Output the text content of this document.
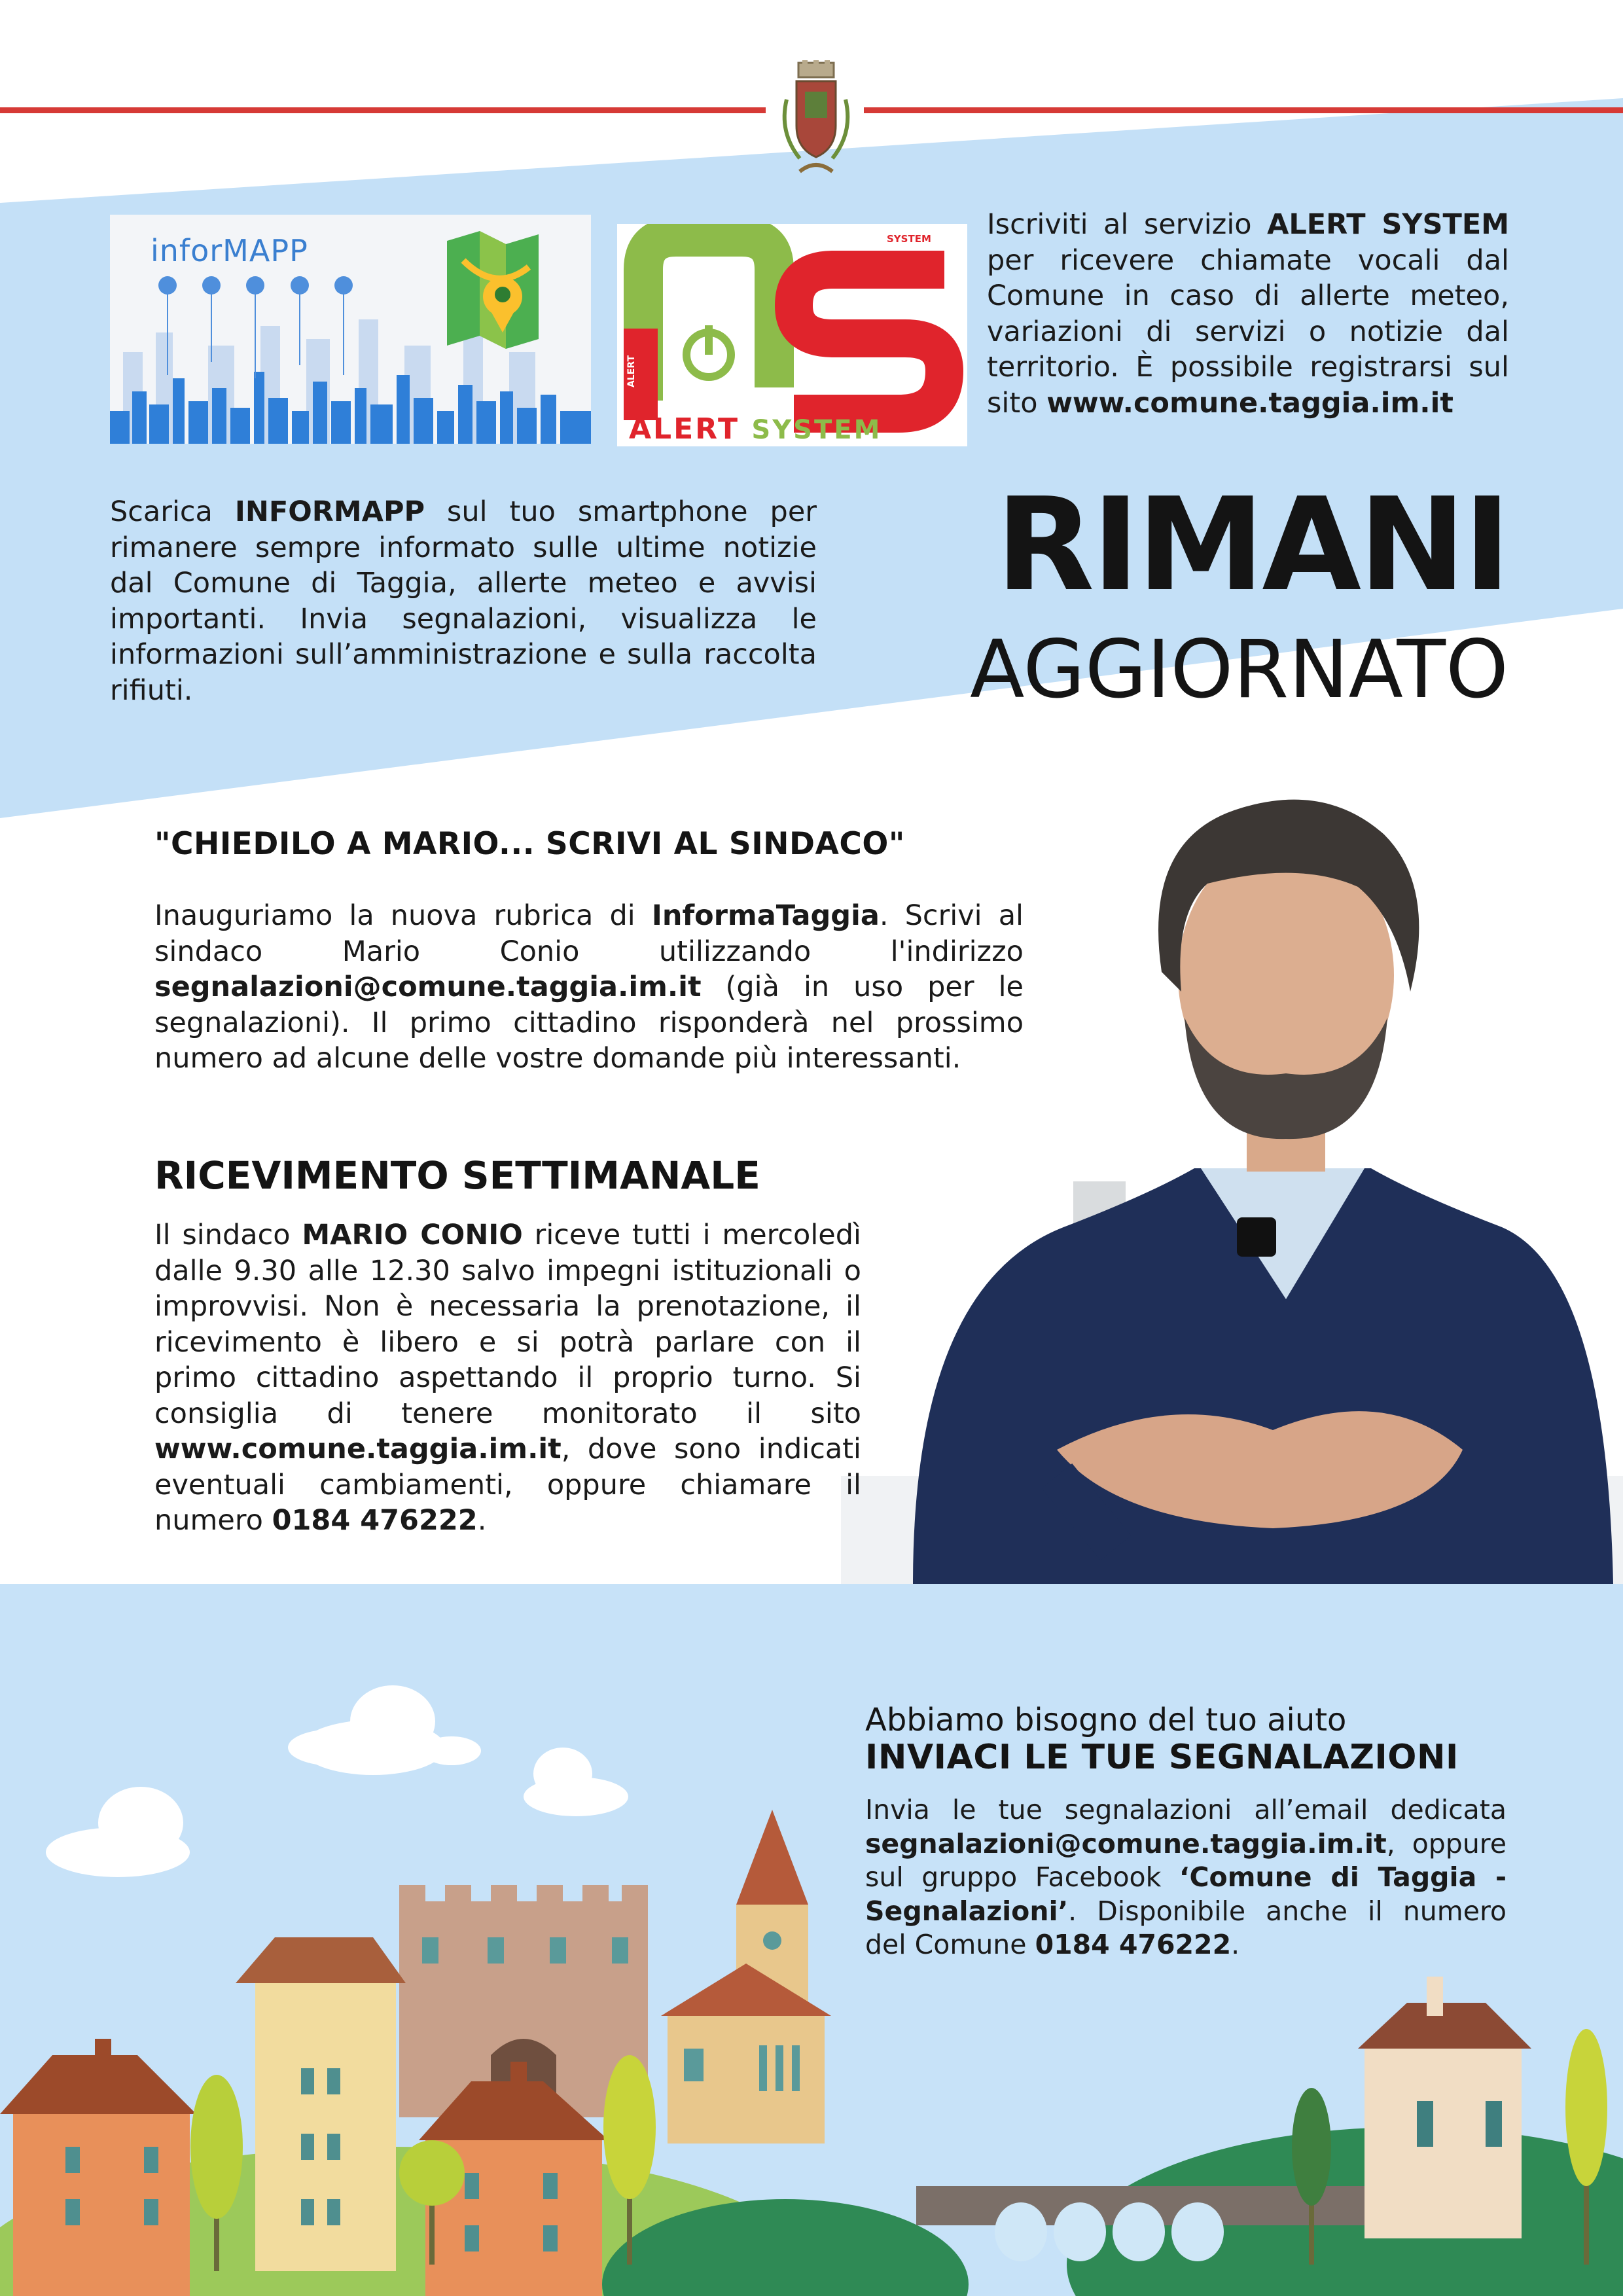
inforMAPP	SYSTEM
ALERT
ALERT SYSTEM

Iscriviti al servizio ALERT SYSTEM per ricevere chiamate vocali dal Comune in caso di allerte meteo, variazioni di servizi o notizie dal territorio. È possibile registrarsi sul sito www.comune.taggia.im.it

Scarica INFORMAPP sul tuo smartphone per rimanere sempre informato sulle ultime notizie dal Comune di Taggia, allerte meteo e avvisi importanti. Invia segnalazioni, visualizza le informazioni sull’amministrazione e sulla raccolta rifiuti.

RIMANI
AGGIORNATO
"CHIEDILO A MARIO... SCRIVI AL SINDACO"

Inauguriamo la nuova rubrica di InformaTaggia. Scrivi al sindaco Mario Conio utilizzando l'indirizzo segnalazioni@comune.taggia.im.it (già in uso per le segnalazioni). Il primo cittadino risponderà nel prossimo numero ad alcune delle vostre domande più interessanti.

RICEVIMENTO SETTIMANALE

Il sindaco MARIO CONIO riceve tutti i mercoledì dalle 9.30 alle 12.30 salvo impegni istituzionali o improvvisi. Non è necessaria la prenotazione, il ricevimento è libero e si potrà parlare con il primo cittadino aspettando il proprio turno. Si consiglia di tenere monitorato il sito www.comune.taggia.im.it, dove sono indicati eventuali cambiamenti, oppure chiamare il numero 0184 476222.

Abbiamo bisogno del tuo aiuto
INVIACI LE TUE SEGNALAZIONI

Invia le tue segnalazioni all’email dedicata segnalazioni@comune.taggia.im.it, oppure sul gruppo Facebook ‘Comune di Taggia - Segnalazioni’. Disponibile anche il numero del Comune 0184 476222.
